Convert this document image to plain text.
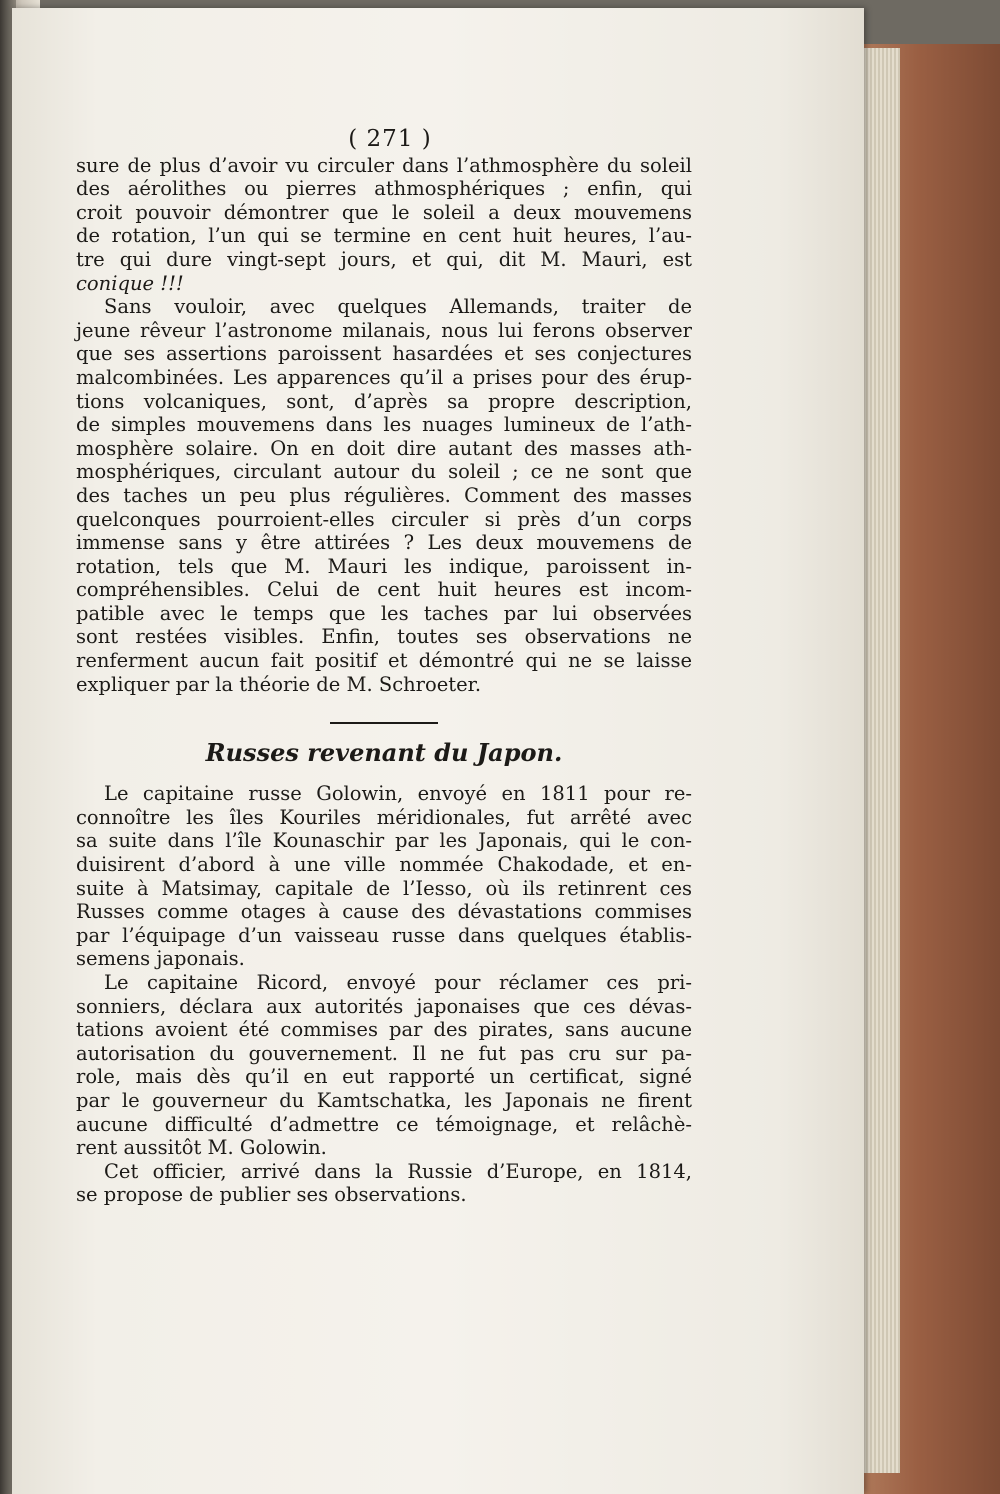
( 271 )

sure de plus d’avoir vu circuler dans l’athmosphère du soleil
des aérolithes ou pierres athmosphériques ; enfin, qui
croit pouvoir démontrer que le soleil a deux mouvemens
de rotation, l’un qui se termine en cent huit heures, l’au-
tre qui dure vingt-sept jours, et qui, dit M. Mauri, est
conique !!!

Sans vouloir, avec quelques Allemands, traiter de
jeune rêveur l’astronome milanais, nous lui ferons observer
que ses assertions paroissent hasardées et ses conjectures
malcombinées. Les apparences qu’il a prises pour des érup-
tions volcaniques, sont, d’après sa propre description,
de simples mouvemens dans les nuages lumineux de l’ath-
mosphère solaire. On en doit dire autant des masses ath-
mosphériques, circulant autour du soleil ; ce ne sont que
des taches un peu plus régulières. Comment des masses
quelconques pourroient-elles circuler si près d’un corps
immense sans y être attirées ? Les deux mouvemens de
rotation, tels que M. Mauri les indique, paroissent in-
compréhensibles. Celui de cent huit heures est incom-
patible avec le temps que les taches par lui observées
sont restées visibles. Enfin, toutes ses observations ne
renferment aucun fait positif et démontré qui ne se laisse
expliquer par la théorie de M. Schroeter.

Russes revenant du Japon.

Le capitaine russe Golowin, envoyé en 1811 pour re-
connoître les îles Kouriles méridionales, fut arrêté avec
sa suite dans l’île Kounaschir par les Japonais, qui le con-
duisirent d’abord à une ville nommée Chakodade, et en-
suite à Matsimay, capitale de l’Iesso, où ils retinrent ces
Russes comme otages à cause des dévastations commises
par l’équipage d’un vaisseau russe dans quelques établis-
semens japonais.

Le capitaine Ricord, envoyé pour réclamer ces pri-
sonniers, déclara aux autorités japonaises que ces dévas-
tations avoient été commises par des pirates, sans aucune
autorisation du gouvernement. Il ne fut pas cru sur pa-
role, mais dès qu’il en eut rapporté un certificat, signé
par le gouverneur du Kamtschatka, les Japonais ne firent
aucune difficulté d’admettre ce témoignage, et relâchè-
rent aussitôt M. Golowin.

Cet officier, arrivé dans la Russie d’Europe, en 1814,
se propose de publier ses observations.
